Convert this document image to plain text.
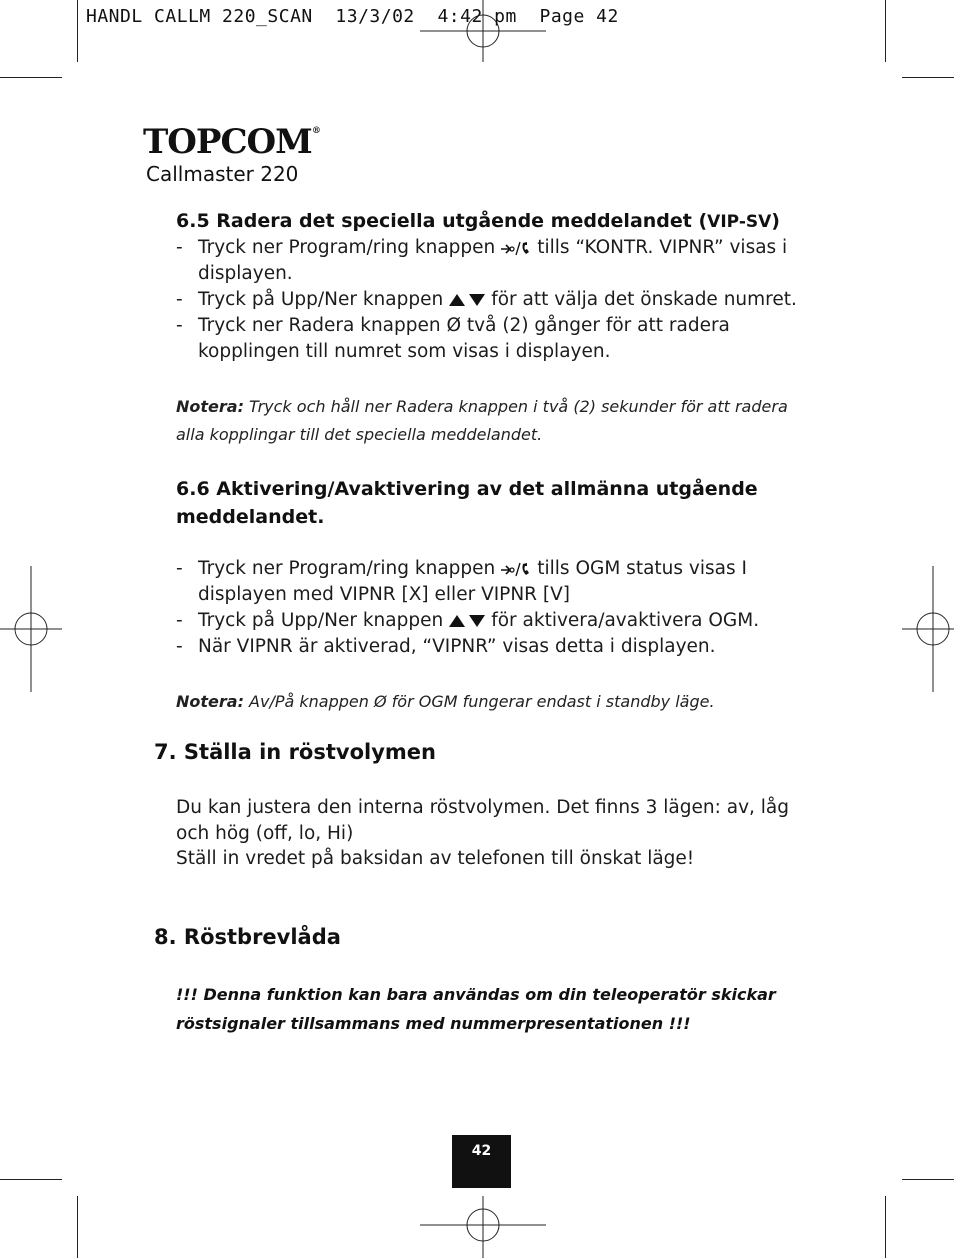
HANDL CALLM 220_SCAN  13/3/02  4:42 pm  Page 42
TOPCOM®
Callmaster 220
6.5 Radera det speciella utgående meddelandet (VIP-SV)
- Tryck ner Program/ring knappen tills “KONTR. VIPNR” visas i displayen.
- Tryck på Upp/Ner knappen	för att välja det önskade numret.
- Tryck ner Radera knappen Ø två (2) gånger för att radera kopplingen till numret som visas i displayen.
Notera: Tryck och håll ner Radera knappen i två (2) sekunder för att radera alla kopplingar till det speciella meddelandet.
6.6 Aktivering/Avaktivering av det allmänna utgående meddelandet.
- Tryck ner Program/ring knappen tills OGM status visas I displayen med VIPNR [X] eller VIPNR [V]
- Tryck på Upp/Ner knappen	för aktivera/avaktivera OGM.
- När VIPNR är aktiverad, “VIPNR” visas detta i displayen.
Notera: Av/På knappen Ø för OGM fungerar endast i standby läge.
7. Ställa in röstvolymen
Du kan justera den interna röstvolymen. Det finns 3 lägen: av, låg och hög (off, lo, Hi)
Ställ in vredet på baksidan av telefonen till önskat läge!
8. Röstbrevlåda
!!! Denna funktion kan bara användas om din teleoperatör skickar röstsignaler tillsammans med nummerpresentationen !!!
42
